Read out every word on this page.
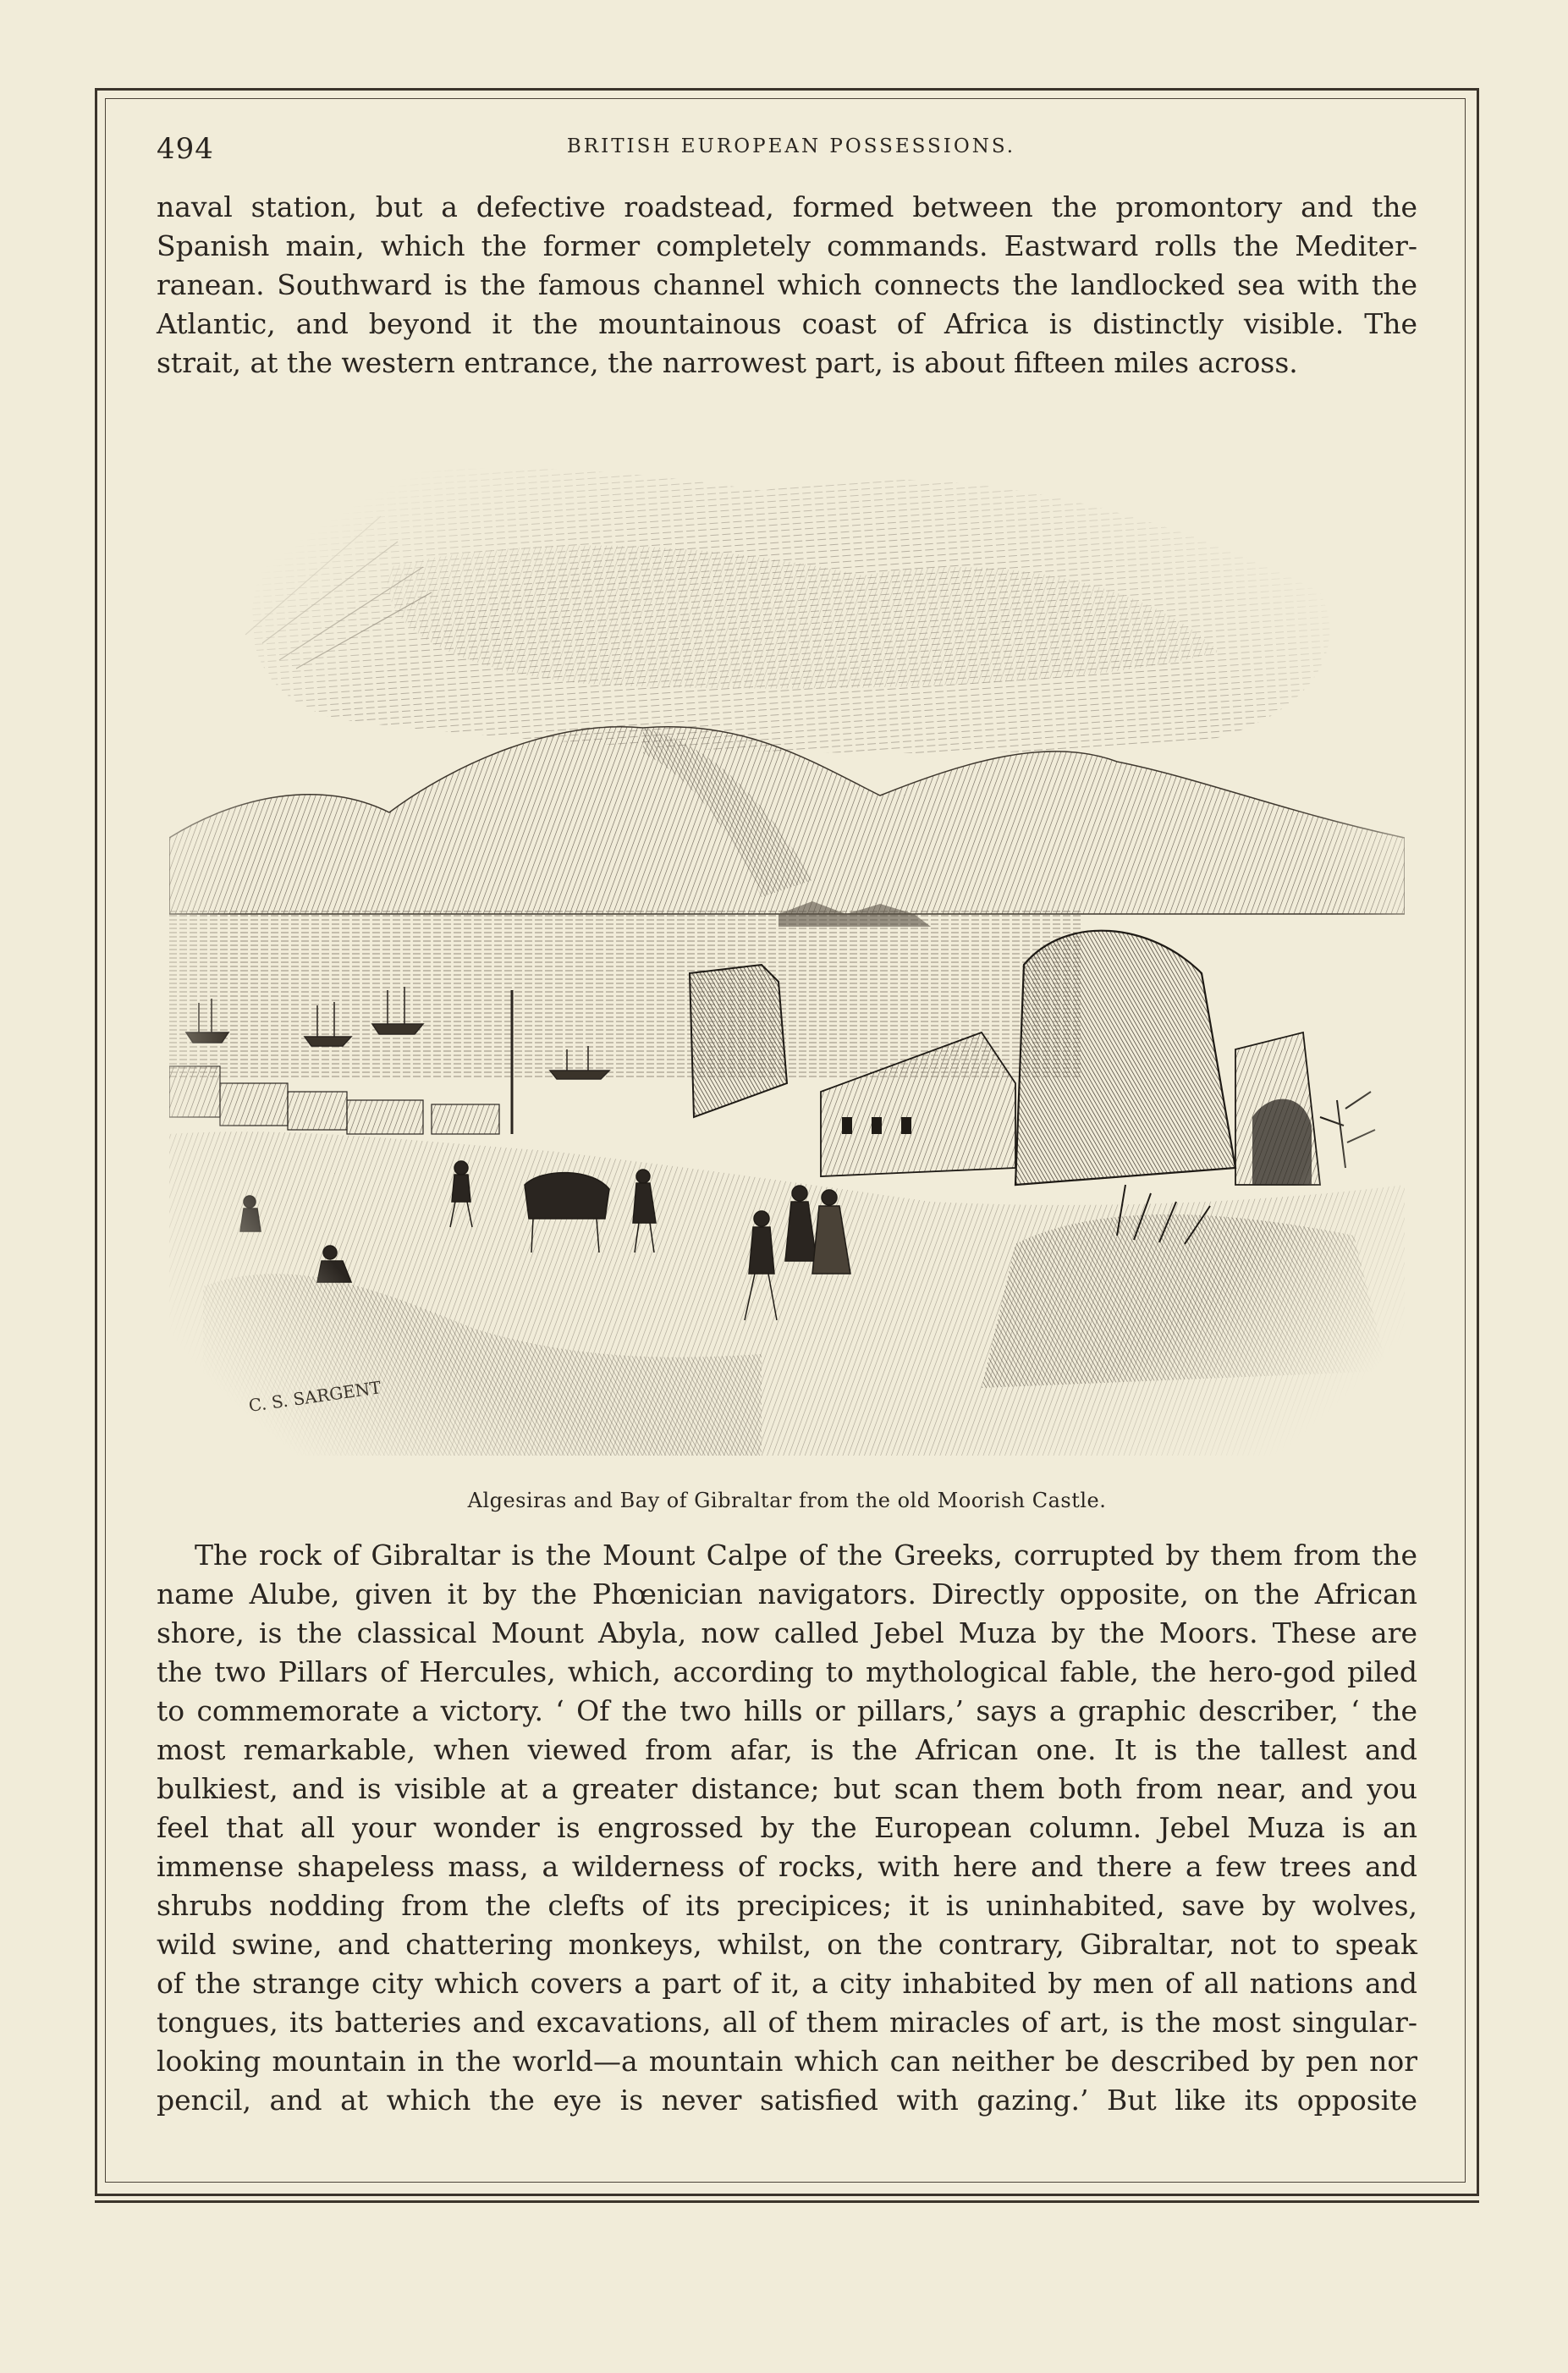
494	BRITISH EUROPEAN POSSESSIONS.
naval station, but a defective roadstead, formed between the promontory and the
Spanish main, which the former completely commands. Eastward rolls the Mediter-
ranean. Southward is the famous channel which connects the landlocked sea with the
Atlantic, and beyond it the mountainous coast of Africa is distinctly visible. The
strait, at the western entrance, the narrowest part, is about fifteen miles across.
C. S. SARGENT
Algesiras and Bay of Gibraltar from the old Moorish Castle.
The rock of Gibraltar is the Mount Calpe of the Greeks, corrupted by them from the
name Alube, given it by the Phœnician navigators. Directly opposite, on the African
shore, is the classical Mount Abyla, now called Jebel Muza by the Moors. These are
the two Pillars of Hercules, which, according to mythological fable, the hero-god piled
to commemorate a victory. ‘ Of the two hills or pillars,’ says a graphic describer, ‘ the
most remarkable, when viewed from afar, is the African one. It is the tallest and
bulkiest, and is visible at a greater distance; but scan them both from near, and you
feel that all your wonder is engrossed by the European column. Jebel Muza is an
immense shapeless mass, a wilderness of rocks, with here and there a few trees and
shrubs nodding from the clefts of its precipices; it is uninhabited, save by wolves,
wild swine, and chattering monkeys, whilst, on the contrary, Gibraltar, not to speak
of the strange city which covers a part of it, a city inhabited by men of all nations and
tongues, its batteries and excavations, all of them miracles of art, is the most singular-
looking mountain in the world—a mountain which can neither be described by pen nor
pencil, and at which the eye is never satisfied with gazing.’ But like its opposite
